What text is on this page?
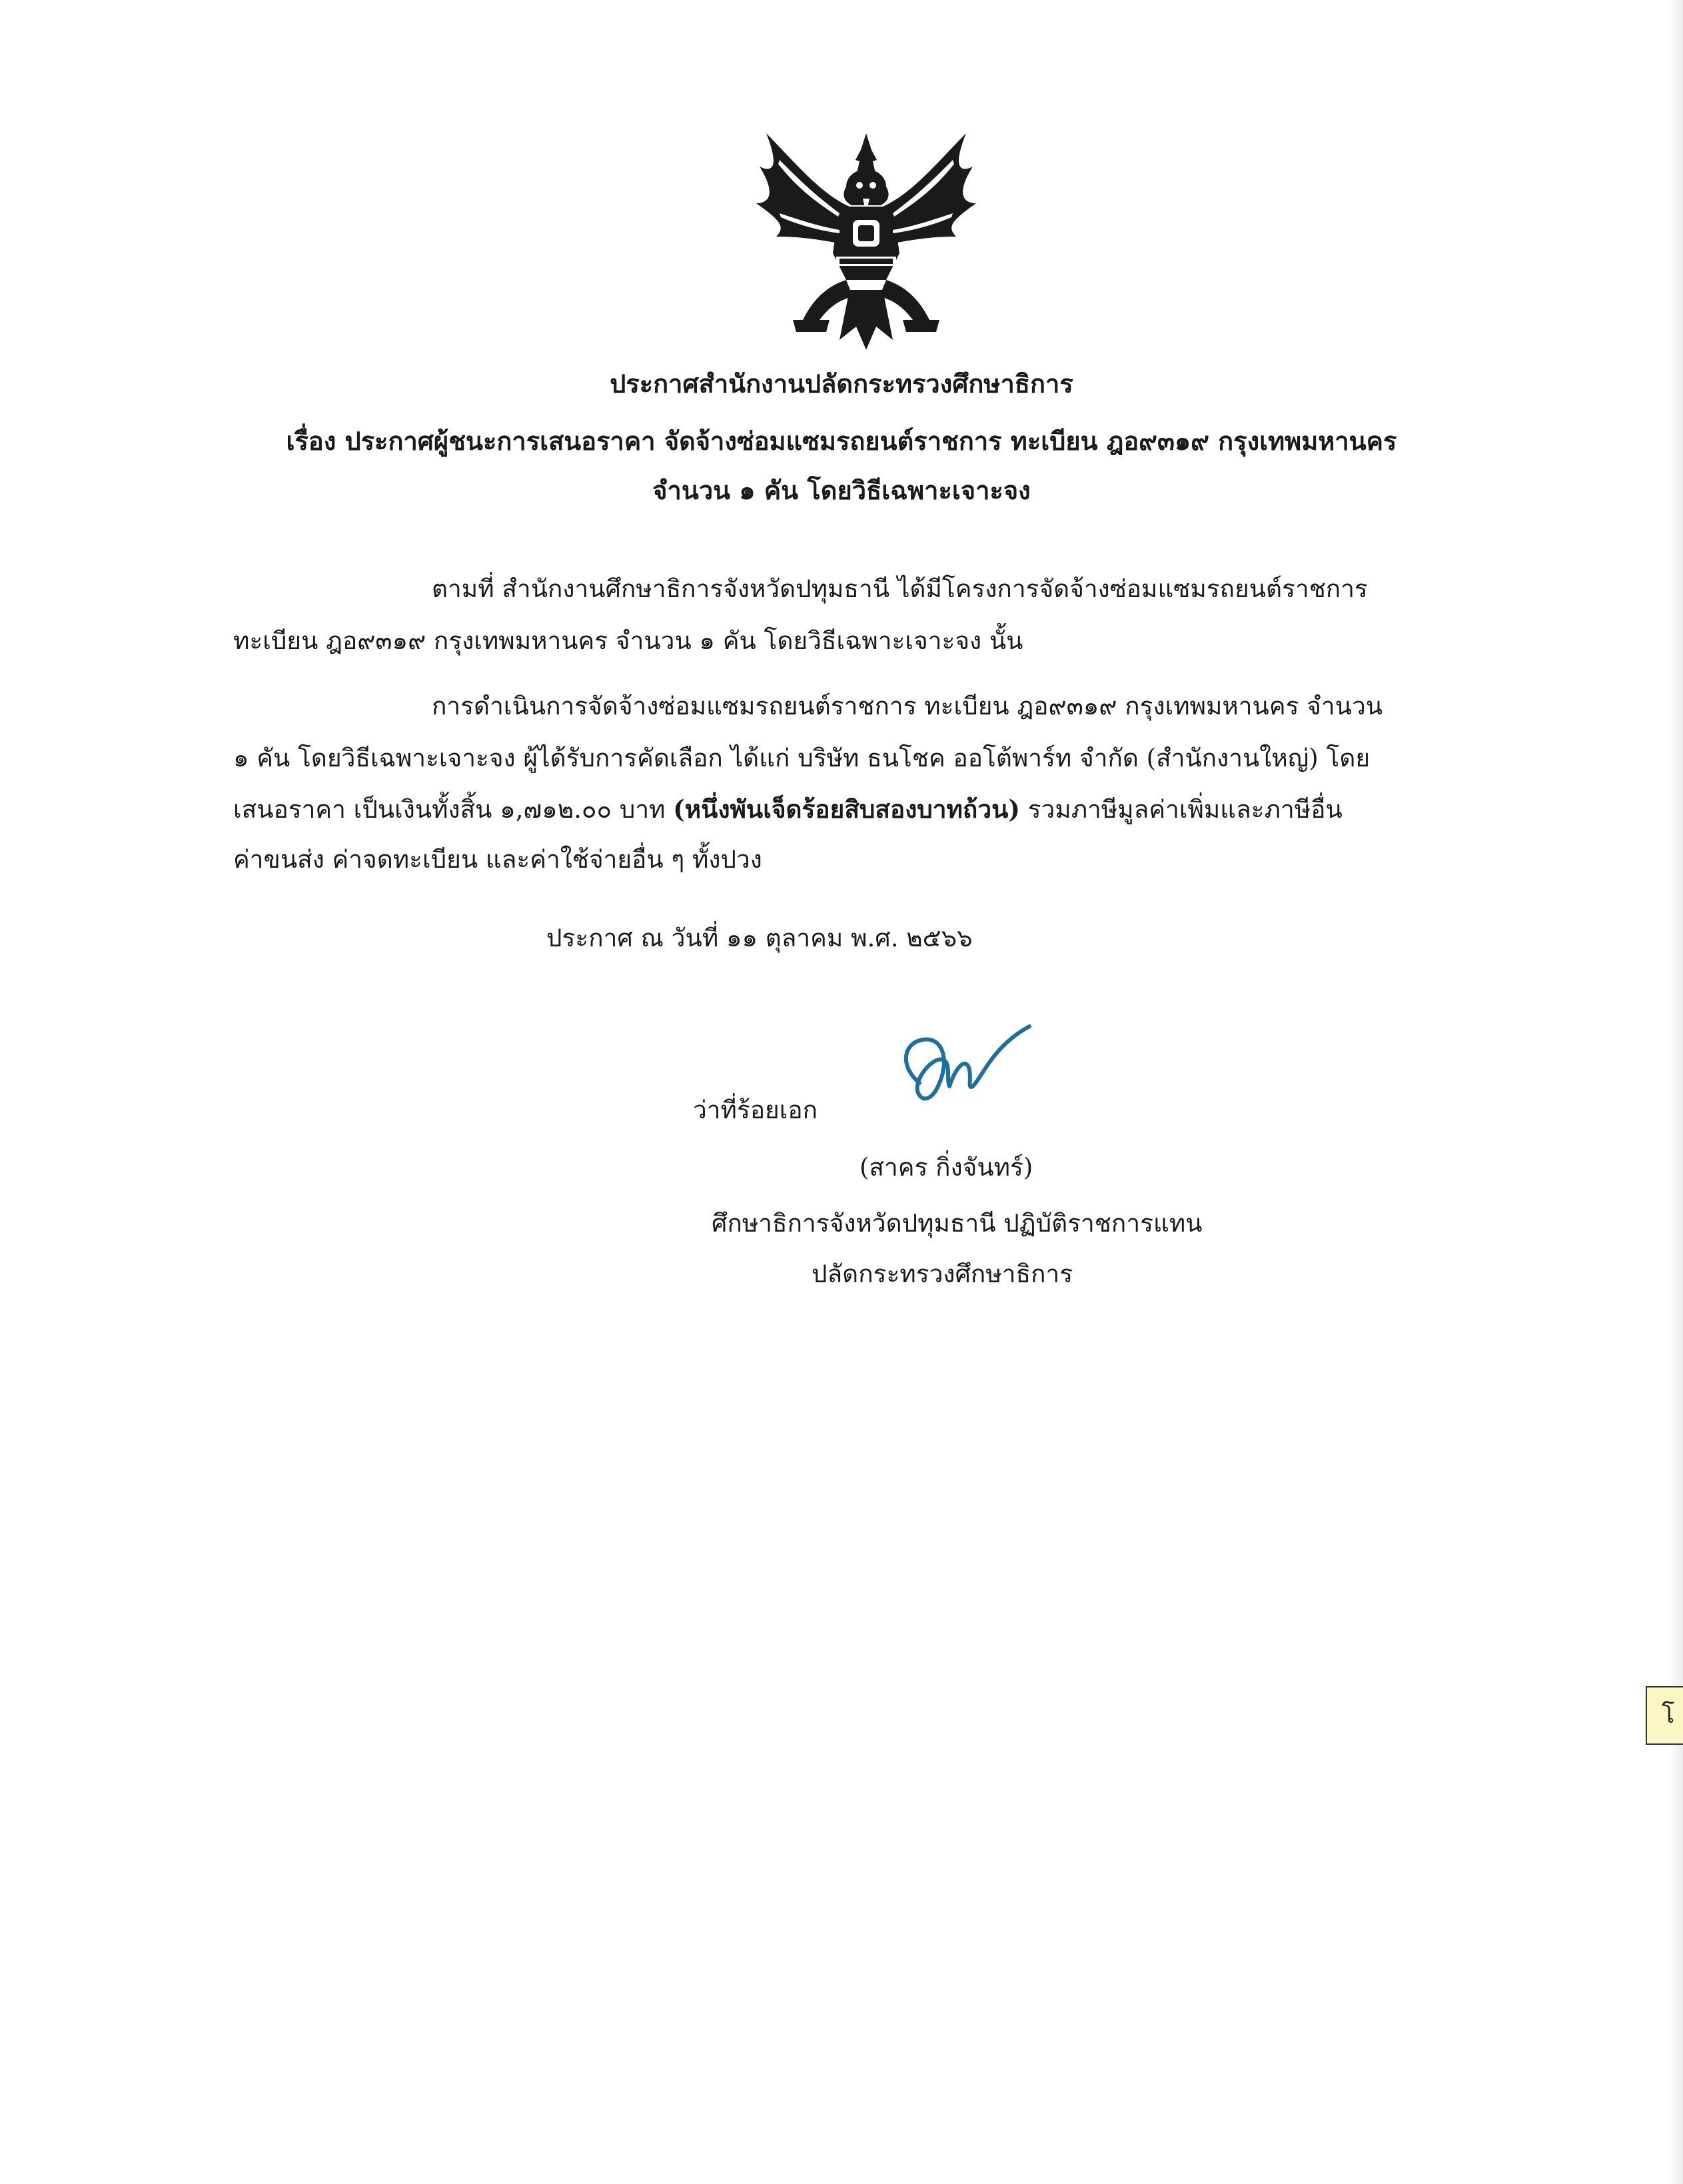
ประกาศสำนักงานปลัดกระทรวงศึกษาธิการ
เรื่อง ประกาศผู้ชนะการเสนอราคา จัดจ้างซ่อมแซมรถยนต์ราชการ ทะเบียน ฎอ๙๓๑๙ กรุงเทพมหานคร
จำนวน ๑ คัน โดยวิธีเฉพาะเจาะจง
ตามที่ สำนักงานศึกษาธิการจังหวัดปทุมธานี ได้มีโครงการจัดจ้างซ่อมแซมรถยนต์ราชการ
ทะเบียน ฎอ๙๓๑๙ กรุงเทพมหานคร จำนวน ๑ คัน โดยวิธีเฉพาะเจาะจง นั้น
การดำเนินการจัดจ้างซ่อมแซมรถยนต์ราชการ ทะเบียน ฎอ๙๓๑๙ กรุงเทพมหานคร จำนวน
๑ คัน โดยวิธีเฉพาะเจาะจง ผู้ได้รับการคัดเลือก ได้แก่ บริษัท ธนโชค ออโต้พาร์ท จำกัด (สำนักงานใหญ่) โดย
เสนอราคา เป็นเงินทั้งสิ้น ๑,๗๑๒.๐๐ บาท (หนึ่งพันเจ็ดร้อยสิบสองบาทถ้วน) รวมภาษีมูลค่าเพิ่มและภาษีอื่น
ค่าขนส่ง ค่าจดทะเบียน และค่าใช้จ่ายอื่น ๆ ทั้งปวง
ประกาศ ณ วันที่ ๑๑ ตุลาคม พ.ศ. ๒๕๖๖
ว่าที่ร้อยเอก
(สาคร กิ่งจันทร์)
ศึกษาธิการจังหวัดปทุมธานี ปฏิบัติราชการแทน
ปลัดกระทรวงศึกษาธิการ
โ
